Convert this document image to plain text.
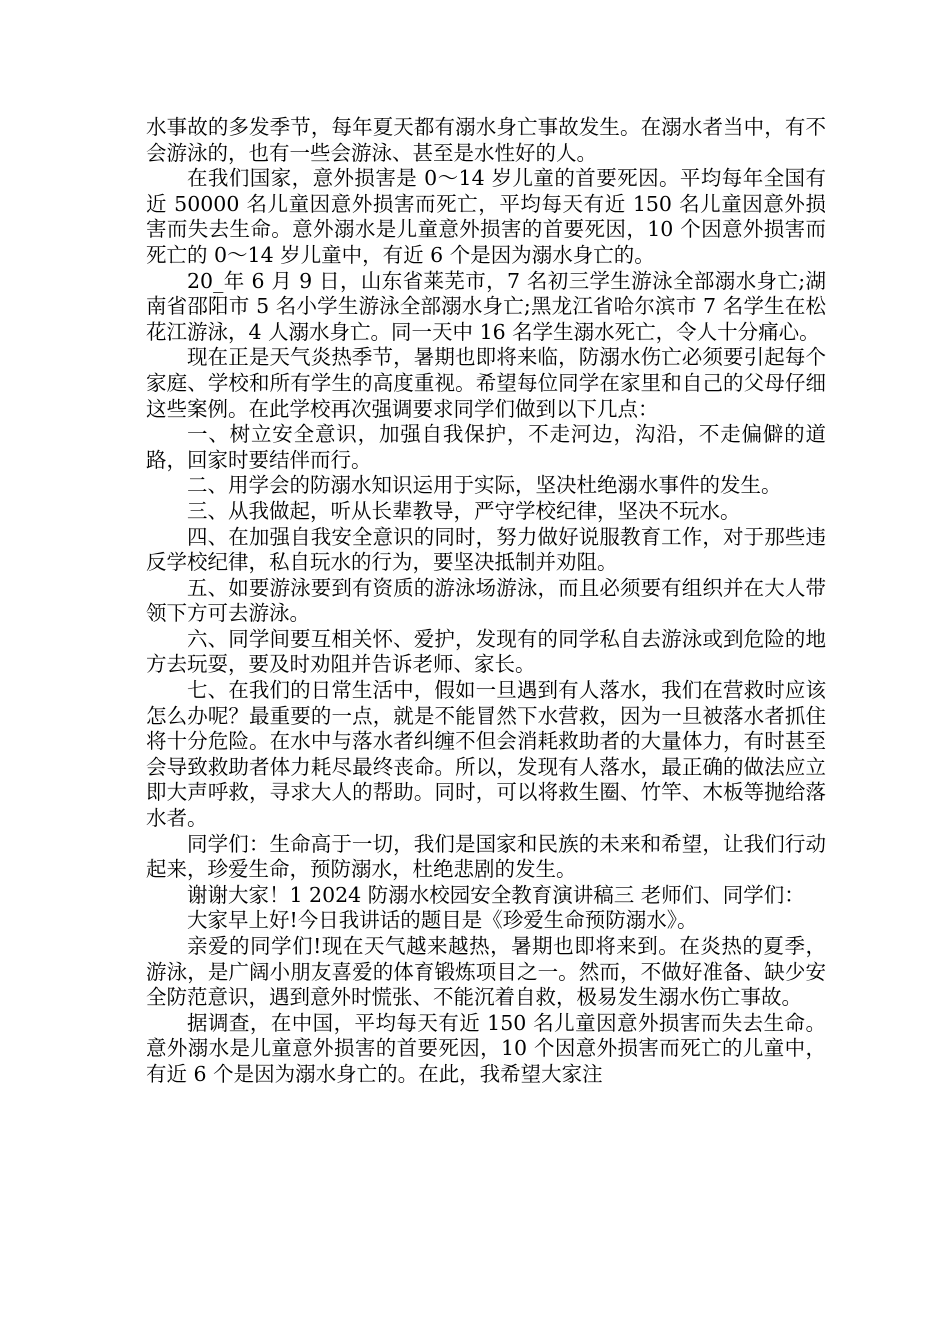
水事故的多发季节，每年夏天都有溺水身亡事故发生。在溺水者当中，有不会游泳的，也有一些会游泳、甚至是水性好的人。

在我们国家，意外损害是 0～14 岁儿童的首要死因。平均每年全国有近 50000 名儿童因意外损害而死亡，平均每天有近 150 名儿童因意外损害而失去生命。意外溺水是儿童意外损害的首要死因，10 个因意外损害而死亡的 0～14 岁儿童中，有近 6 个是因为溺水身亡的。

20_年 6 月 9 日，山东省莱芜市，7 名初三学生游泳全部溺水身亡;湖南省邵阳市 5 名小学生游泳全部溺水身亡;黑龙江省哈尔滨市 7 名学生在松花江游泳，4 人溺水身亡。同一天中 16 名学生溺水死亡，令人十分痛心。

现在正是天气炎热季节，暑期也即将来临，防溺水伤亡必须要引起每个家庭、学校和所有学生的高度重视。希望每位同学在家里和自己的父母仔细这些案例。在此学校再次强调要求同学们做到以下几点：

一、树立安全意识，加强自我保护，不走河边，沟沿，不走偏僻的道路，回家时要结伴而行。

二、用学会的防溺水知识运用于实际，坚决杜绝溺水事件的发生。

三、从我做起，听从长辈教导，严守学校纪律，坚决不玩水。

四、在加强自我安全意识的同时，努力做好说服教育工作，对于那些违反学校纪律，私自玩水的行为，要坚决抵制并劝阻。

五、如要游泳要到有资质的游泳场游泳，而且必须要有组织并在大人带领下方可去游泳。

六、同学间要互相关怀、爱护，发现有的同学私自去游泳或到危险的地方去玩耍，要及时劝阻并告诉老师、家长。

七、在我们的日常生活中，假如一旦遇到有人落水，我们在营救时应该怎么办呢？最重要的一点，就是不能冒然下水营救，因为一旦被落水者抓住将十分危险。在水中与落水者纠缠不但会消耗救助者的大量体力，有时甚至会导致救助者体力耗尽最终丧命。所以，发现有人落水，最正确的做法应立即大声呼救，寻求大人的帮助。同时，可以将救生圈、竹竿、木板等抛给落水者。

同学们：生命高于一切，我们是国家和民族的未来和希望，让我们行动起来，珍爱生命，预防溺水，杜绝悲剧的发生。

谢谢大家！1 2024 防溺水校园安全教育演讲稿三 老师们、同学们：

大家早上好!今日我讲话的题目是《珍爱生命预防溺水》。

亲爱的同学们!现在天气越来越热，暑期也即将来到。在炎热的夏季，游泳，是广阔小朋友喜爱的体育锻炼项目之一。然而，不做好准备、缺少安全防范意识，遇到意外时慌张、不能沉着自救，极易发生溺水伤亡事故。

据调查，在中国，平均每天有近 150 名儿童因意外损害而失去生命。意外溺水是儿童意外损害的首要死因，10 个因意外损害而死亡的儿童中，有近 6 个是因为溺水身亡的。在此，我希望大家注
